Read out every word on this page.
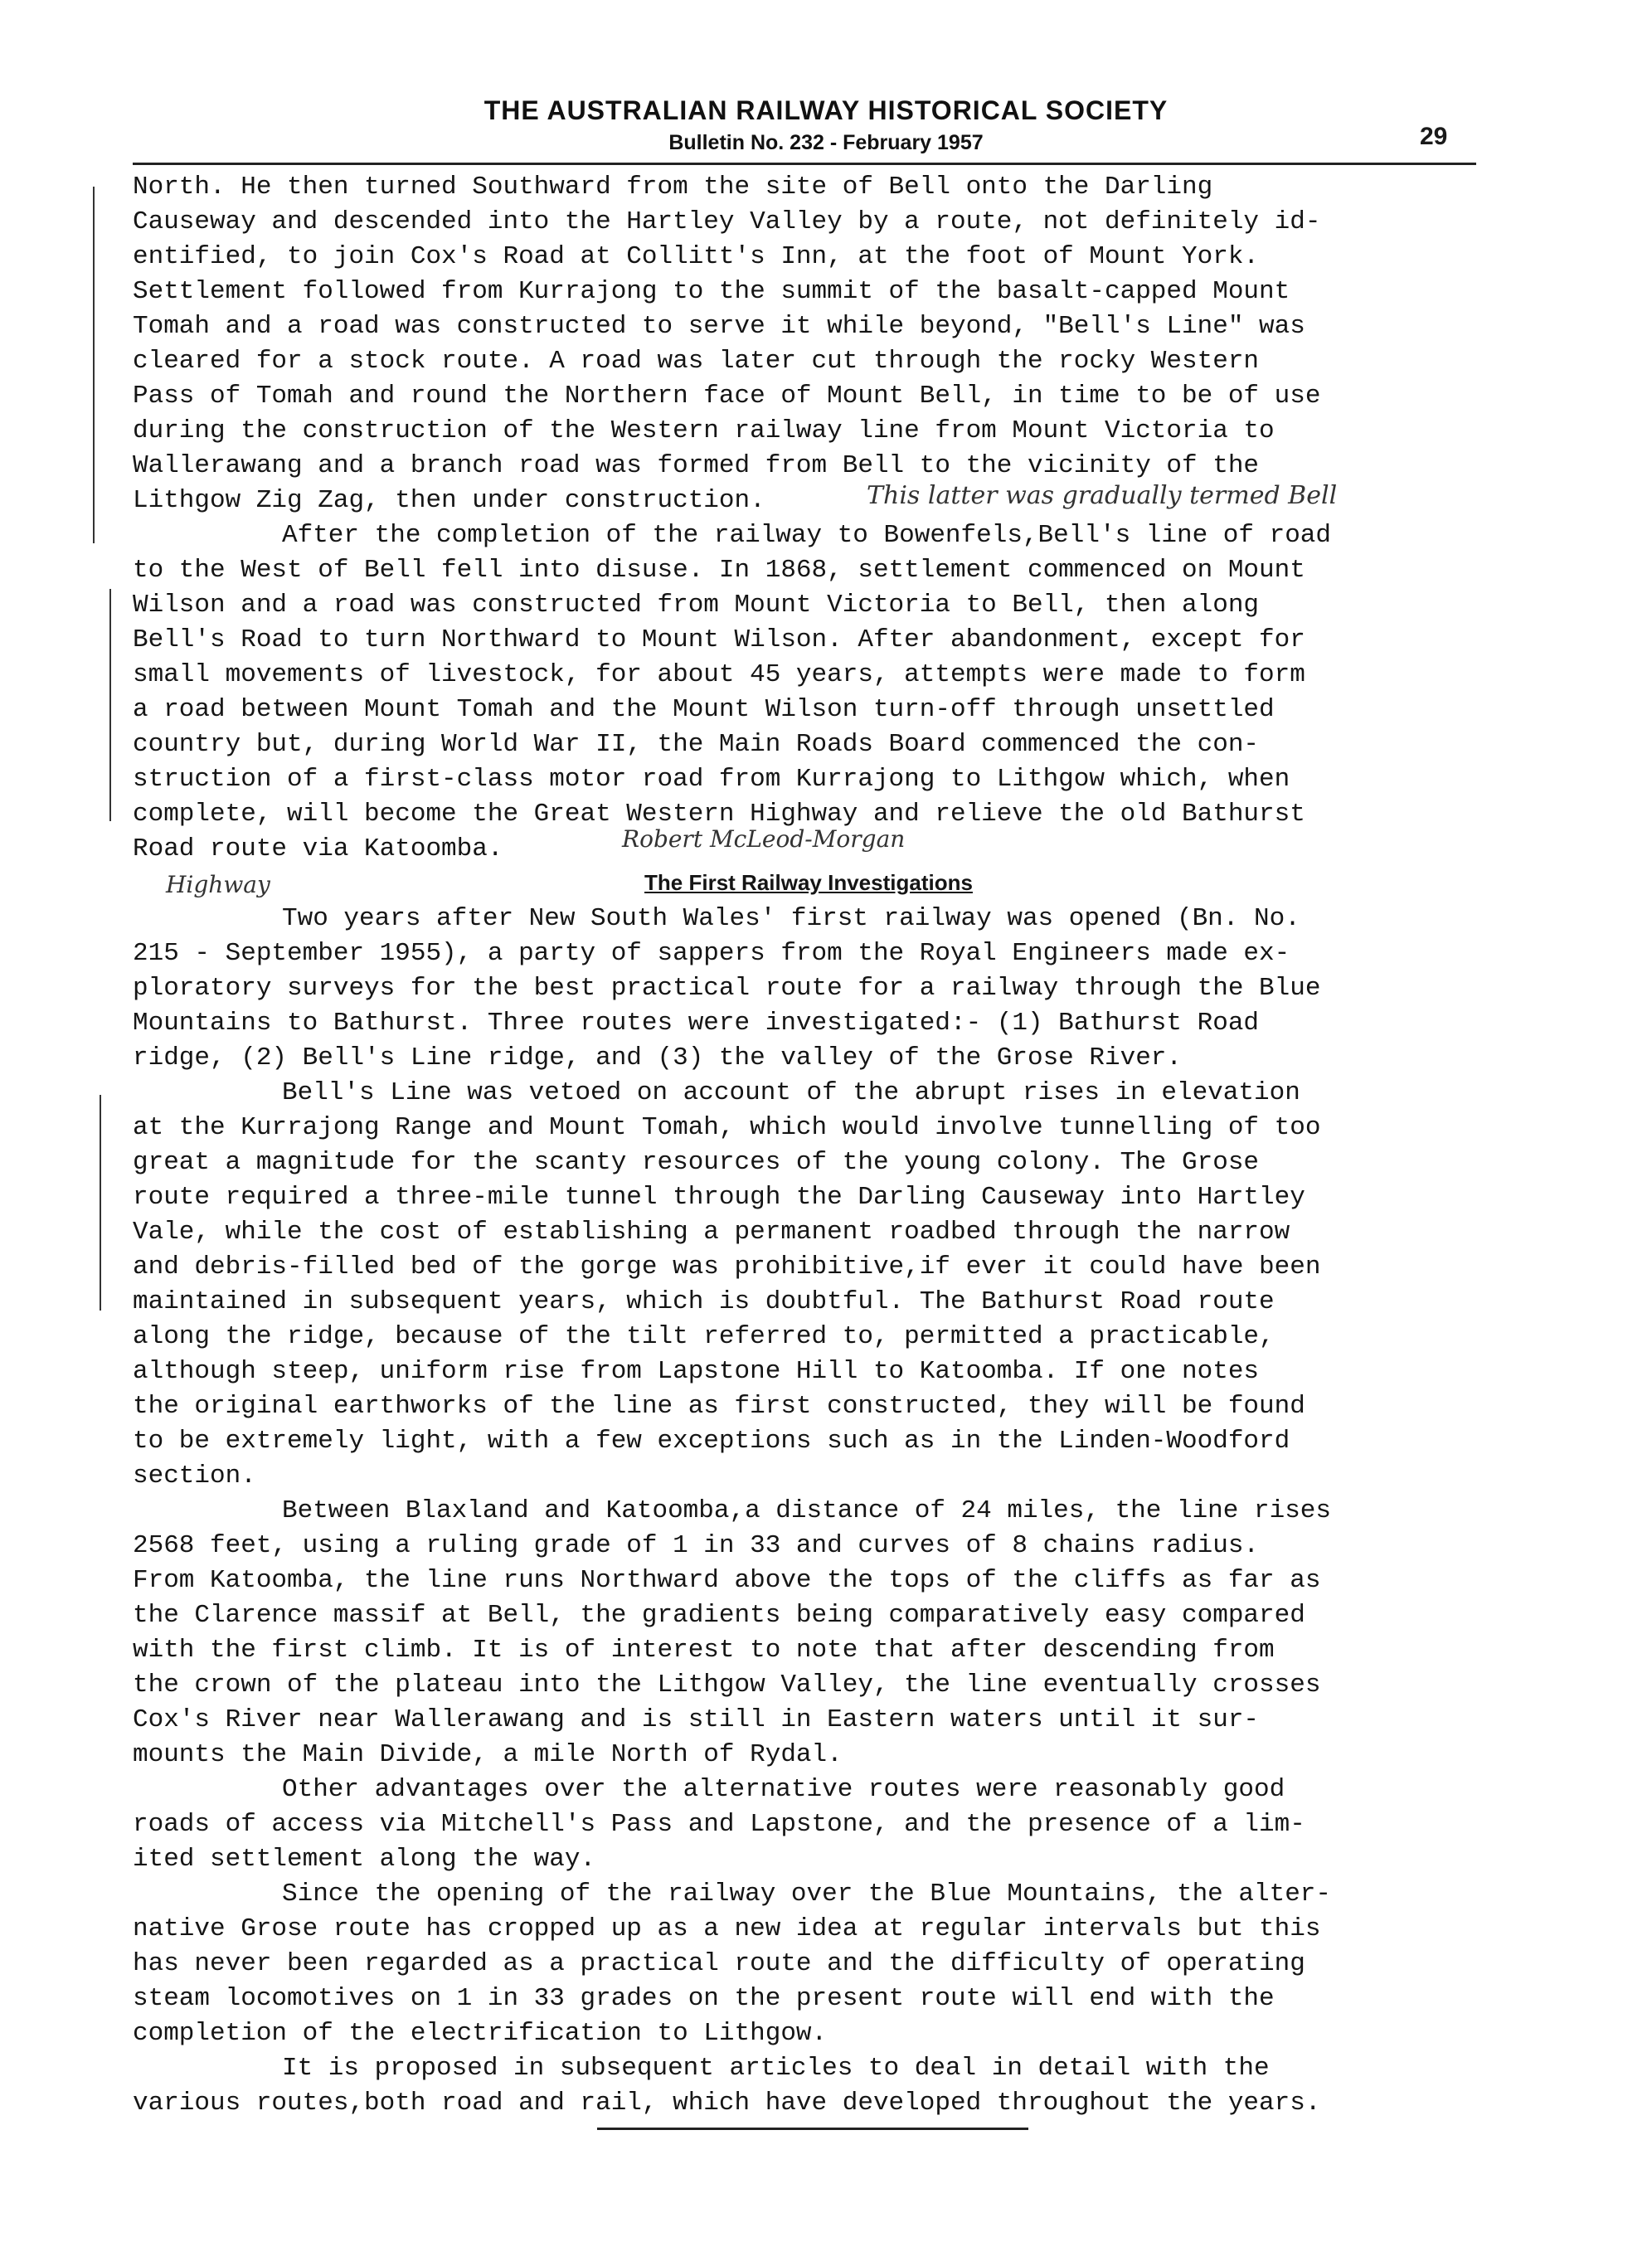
THE AUSTRALIAN RAILWAY HISTORICAL SOCIETY
Bulletin No. 232 - February 1957	29

North. He then turned Southward from the site of Bell onto the Darling
Causeway and descended into the Hartley Valley by a route, not definitely id-
entified, to join Cox's Road at Collitt's Inn, at the foot of Mount York.
Settlement followed from Kurrajong to the summit of the basalt-capped Mount
Tomah and a road was constructed to serve it while beyond, "Bell's Line" was
cleared for a stock route. A road was later cut through the rocky Western
Pass of Tomah and round the Northern face of Mount Bell, in time to be of use
during the construction of the Western railway line from Mount Victoria to
Wallerawang and a branch road was formed from Bell to the vicinity of the
Lithgow Zig Zag, then under construction.

After the completion of the railway to Bowenfels,Bell's line of road
to the West of Bell fell into disuse. In 1868, settlement commenced on Mount
Wilson and a road was constructed from Mount Victoria to Bell, then along
Bell's Road to turn Northward to Mount Wilson. After abandonment, except for
small movements of livestock, for about 45 years, attempts were made to form
a road between Mount Tomah and the Mount Wilson turn-off through unsettled
country but, during World War II, the Main Roads Board commenced the con-
struction of a first-class motor road from Kurrajong to Lithgow which, when
complete, will become the Great Western Highway and relieve the old Bathurst
Road route via Katoomba.

The First Railway Investigations

Two years after New South Wales' first railway was opened (Bn. No.
215 - September 1955), a party of sappers from the Royal Engineers made ex-
ploratory surveys for the best practical route for a railway through the Blue
Mountains to Bathurst. Three routes were investigated:- (1) Bathurst Road
ridge, (2) Bell's Line ridge, and (3) the valley of the Grose River.

Bell's Line was vetoed on account of the abrupt rises in elevation
at the Kurrajong Range and Mount Tomah, which would involve tunnelling of too
great a magnitude for the scanty resources of the young colony. The Grose
route required a three-mile tunnel through the Darling Causeway into Hartley
Vale, while the cost of establishing a permanent roadbed through the narrow
and debris-filled bed of the gorge was prohibitive,if ever it could have been
maintained in subsequent years, which is doubtful. The Bathurst Road route
along the ridge, because of the tilt referred to, permitted a practicable,
although steep, uniform rise from Lapstone Hill to Katoomba. If one notes
the original earthworks of the line as first constructed, they will be found
to be extremely light, with a few exceptions such as in the Linden-Woodford
section.

Between Blaxland and Katoomba,a distance of 24 miles, the line rises
2568 feet, using a ruling grade of 1 in 33 and curves of 8 chains radius.
From Katoomba, the line runs Northward above the tops of the cliffs as far as
the Clarence massif at Bell, the gradients being comparatively easy compared
with the first climb. It is of interest to note that after descending from
the crown of the plateau into the Lithgow Valley, the line eventually crosses
Cox's River near Wallerawang and is still in Eastern waters until it sur-
mounts the Main Divide, a mile North of Rydal.

Other advantages over the alternative routes were reasonably good
roads of access via Mitchell's Pass and Lapstone, and the presence of a lim-
ited settlement along the way.

Since the opening of the railway over the Blue Mountains, the alter-
native Grose route has cropped up as a new idea at regular intervals but this
has never been regarded as a practical route and the difficulty of operating
steam locomotives on 1 in 33 grades on the present route will end with the
completion of the electrification to Lithgow.

It is proposed in subsequent articles to deal in detail with the
various routes,both road and rail, which have developed throughout the years.

This latter was gradually termed Bell
Robert McLeod-Morgan
Highway
